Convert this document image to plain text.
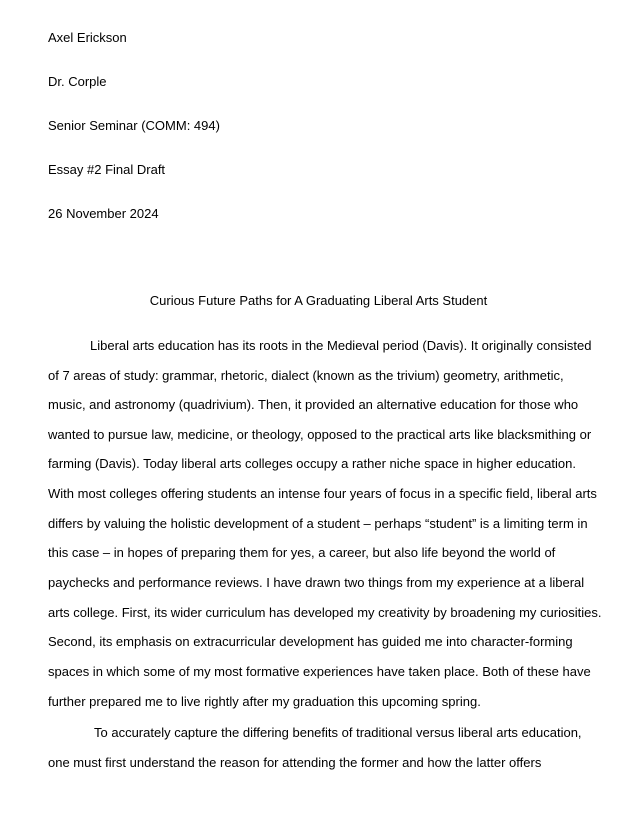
Axel Erickson
Dr. Corple
Senior Seminar (COMM: 494)
Essay #2 Final Draft
26 November 2024
Curious Future Paths for A Graduating Liberal Arts Student
Liberal arts education has its roots in the Medieval period (Davis). It originally consisted
of 7 areas of study: grammar, rhetoric, dialect (known as the trivium) geometry, arithmetic,
music, and astronomy (quadrivium). Then, it provided an alternative education for those who
wanted to pursue law, medicine, or theology, opposed to the practical arts like blacksmithing or
farming (Davis). Today liberal arts colleges occupy a rather niche space in higher education.
With most colleges offering students an intense four years of focus in a specific field, liberal arts
differs by valuing the holistic development of a student – perhaps “student” is a limiting term in
this case – in hopes of preparing them for yes, a career, but also life beyond the world of
paychecks and performance reviews. I have drawn two things from my experience at a liberal
arts college. First, its wider curriculum has developed my creativity by broadening my curiosities.
Second, its emphasis on extracurricular development has guided me into character-forming
spaces in which some of my most formative experiences have taken place. Both of these have
further prepared me to live rightly after my graduation this upcoming spring.
To accurately capture the differing benefits of traditional versus liberal arts education,
one must first understand the reason for attending the former and how the latter offers
